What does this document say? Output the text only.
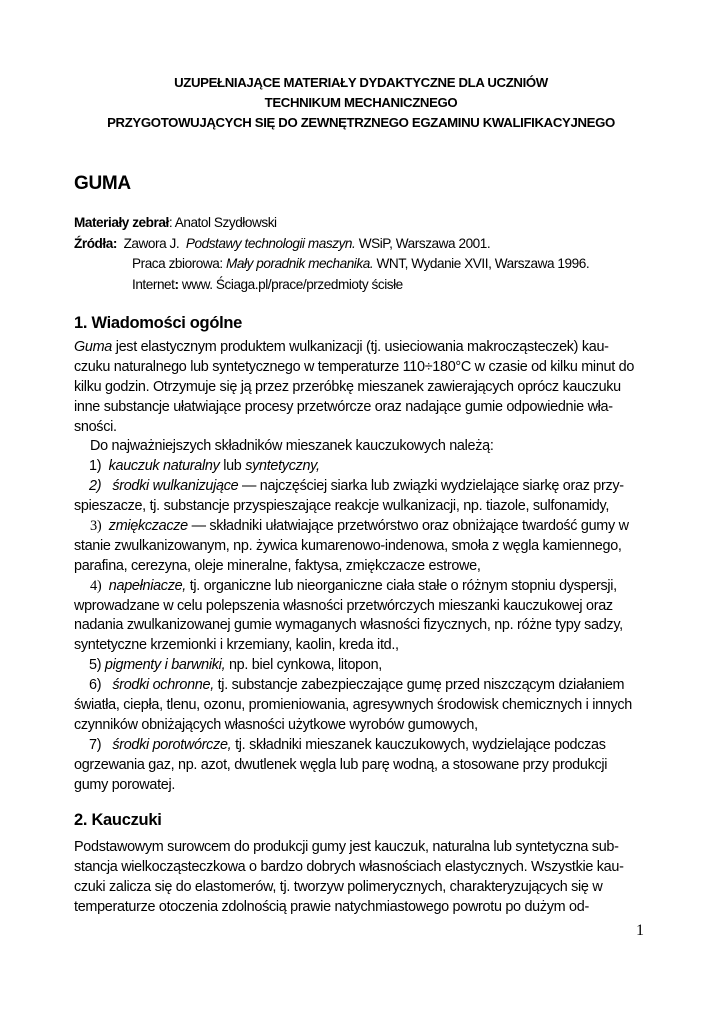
UZUPEŁNIAJĄCE MATERIAŁY DYDAKTYCZNE DLA UCZNIÓW
TECHNIKUM MECHANICZNEGO
PRZYGOTOWUJĄCYCH SIĘ DO ZEWNĘTRZNEGO EGZAMINU KWALIFIKACYJNEGO
GUMA
Materiały zebrał: Anatol Szydłowski
Źródła: Zawora J. Podstawy technologii maszyn. WSiP, Warszawa 2001.
Praca zbiorowa: Mały poradnik mechanika. WNT, Wydanie XVII, Warszawa 1996.
Internet: www. Ściaga.pl/prace/przedmioty ścisłe
1. Wiadomości ogólne
Guma jest elastycznym produktem wulkanizacji (tj. usieciowania makrocząsteczek) kau-
czuku naturalnego lub syntetycznego w temperaturze 110÷180°C w czasie od kilku minut do
kilku godzin. Otrzymuje się ją przez przeróbkę mieszanek zawierających oprócz kauczuku
inne substancje ułatwiające procesy przetwórcze oraz nadające gumie odpowiednie wła-
sności.
Do najważniejszych składników mieszanek kauczukowych należą:
1) kauczuk naturalny lub syntetyczny,
2) środki wulkanizujące — najczęściej siarka lub związki wydzielające siarkę oraz przy-
spieszacze, tj. substancje przyspieszające reakcje wulkanizacji, np. tiazole, sulfonamidy,
3) zmiękczacze — składniki ułatwiające przetwórstwo oraz obniżające twardość gumy w
stanie zwulkanizowanym, np. żywica kumarenowo-indenowa, smoła z węgla kamiennego,
parafina, cerezyna, oleje mineralne, faktysa, zmiękczacze estrowe,
4) napełniacze, tj. organiczne lub nieorganiczne ciała stałe o różnym stopniu dyspersji,
wprowadzane w celu polepszenia własności przetwórczych mieszanki kauczukowej oraz
nadania zwulkanizowanej gumie wymaganych własności fizycznych, np. różne typy sadzy,
syntetyczne krzemionki i krzemiany, kaolin, kreda itd.,
5) pigmenty i barwniki, np. biel cynkowa, litopon,
6) środki ochronne, tj. substancje zabezpieczające gumę przed niszczącym działaniem
światła, ciepła, tlenu, ozonu, promieniowania, agresywnych środowisk chemicznych i innych
czynników obniżających własności użytkowe wyrobów gumowych,
7) środki porotwórcze, tj. składniki mieszanek kauczukowych, wydzielające podczas
ogrzewania gaz, np. azot, dwutlenek węgla lub parę wodną, a stosowane przy produkcji
gumy porowatej.
2. Kauczuki
Podstawowym surowcem do produkcji gumy jest kauczuk, naturalna lub syntetyczna sub-
stancja wielkocząsteczkowa o bardzo dobrych własnościach elastycznych. Wszystkie kau-
czuki zalicza się do elastomerów, tj. tworzyw polimerycznych, charakteryzujących się w
temperaturze otoczenia zdolnością prawie natychmiastowego powrotu po dużym od-
1
